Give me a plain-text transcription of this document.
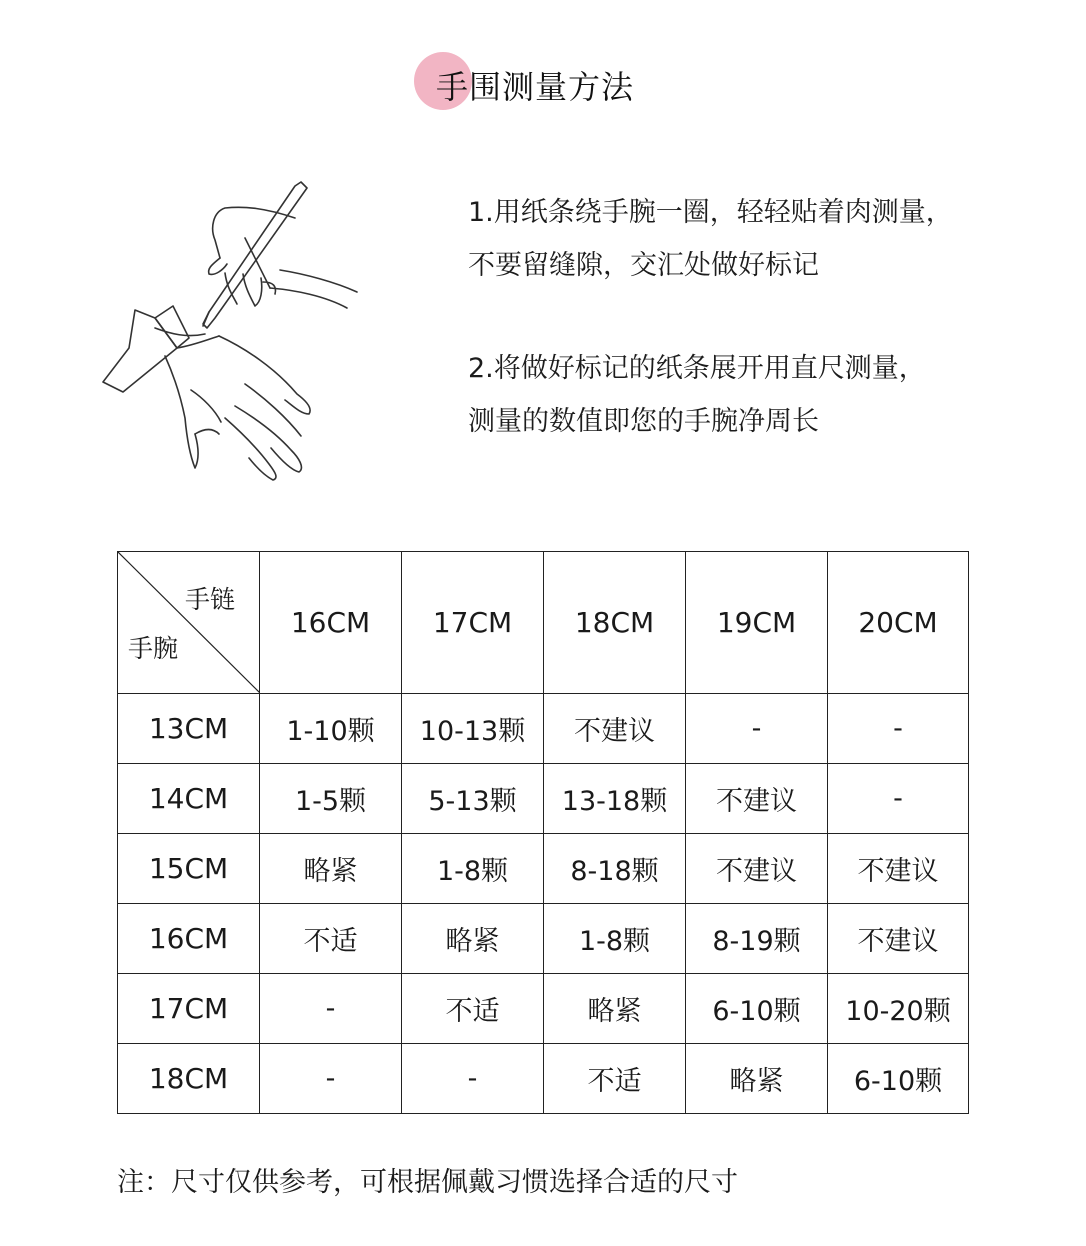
手围测量方法
1.用纸条绕手腕一圈，轻轻贴着肉测量，
不要留缝隙，交汇处做好标记
2.将做好标记的纸条展开用直尺测量，
测量的数值即您的手腕净周长
手链
手腕	16CM	17CM	18CM	19CM	20CM
13CM	1-10颗	10-13颗	不建议	-	-
14CM	1-5颗	5-13颗	13-18颗	不建议	-
15CM	略紧	1-8颗	8-18颗	不建议	不建议
16CM	不适	略紧	1-8颗	8-19颗	不建议
17CM	-	不适	略紧	6-10颗	10-20颗
18CM	-	-	不适	略紧	6-10颗
注：尺寸仅供参考，可根据佩戴习惯选择合适的尺寸
